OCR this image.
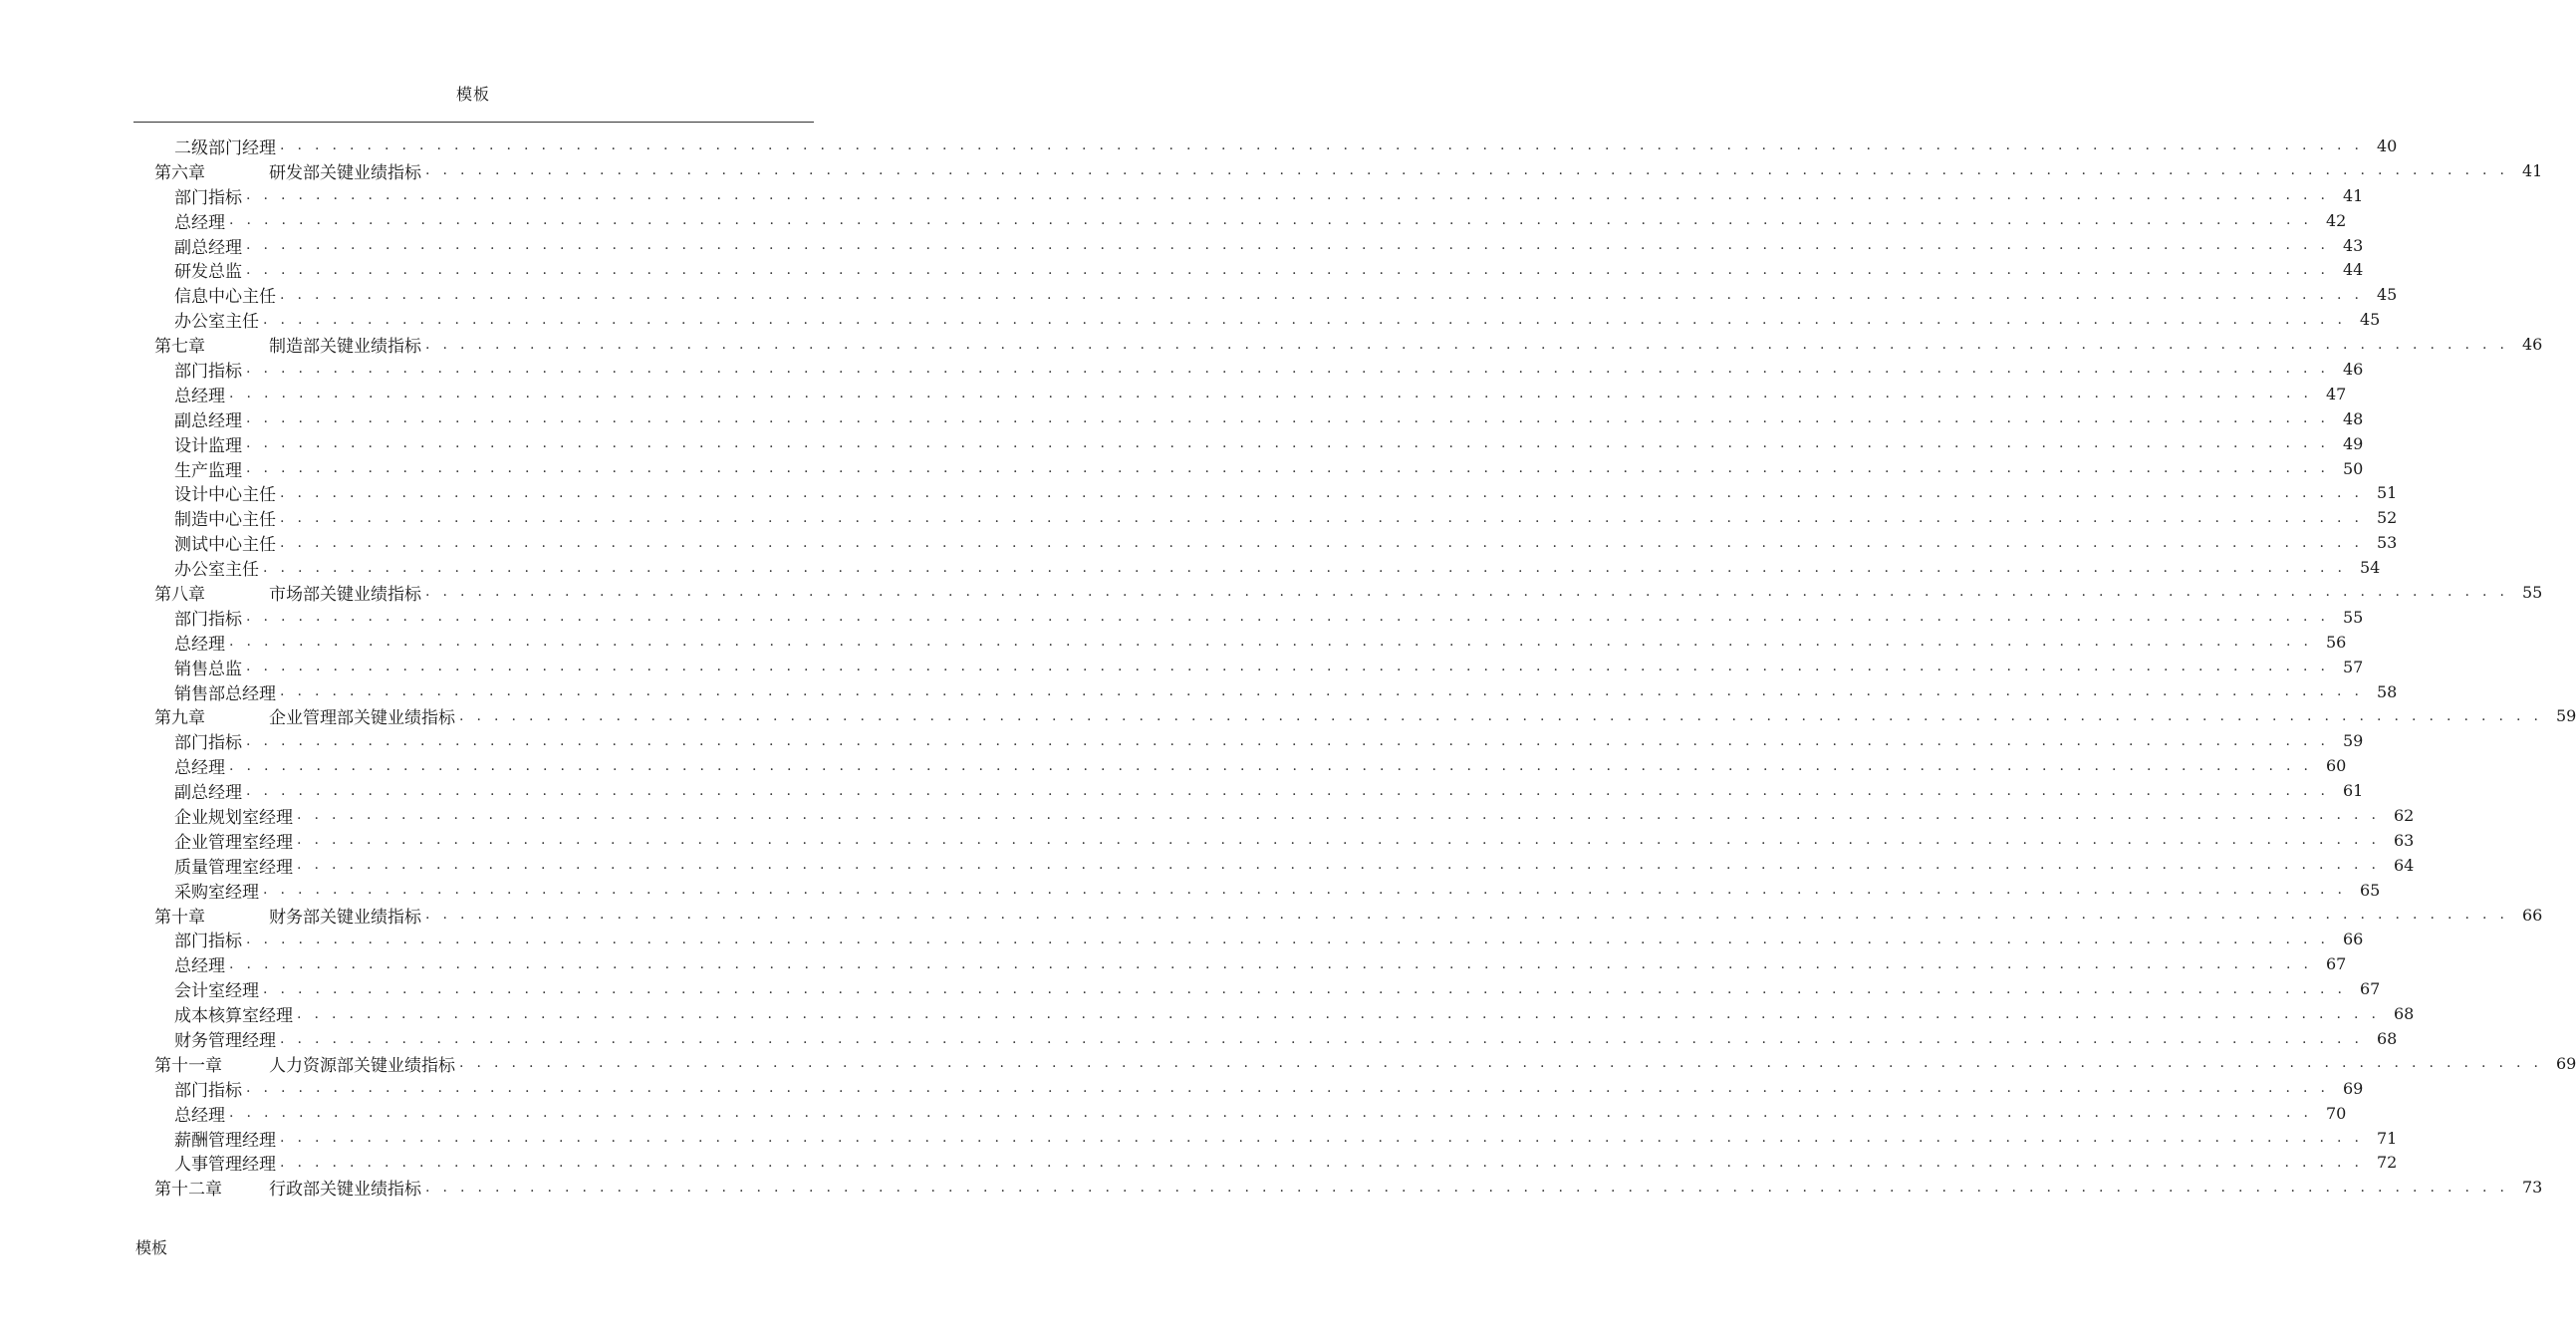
模板
二级部门经理 . . . . . . . . . . . . . . . . . . . . . . . . . . . . . . . . . . . . . . . . . . . . . . . . . . . . . . . . . . . . . . . . . . . . . . . . . . . . . . . . . . . . . . . . . . . . . . . . . . . . . . . . . . . . . . . . . . . . . . . . 40
第六章	研发部关键业绩指标 . . . . . . . . . . . . . . . . . . . . . . . . . . . . . . . . . . . . . . . . . . . . . . . . . . . . . . . . . . . . . . . . . . . . . . . . . . . . . . . . . . . . . . . . . . . . . . . . . . . . . . . . . . . . . . . . . . . . . . . . 41
部门指标 . . . . . . . . . . . . . . . . . . . . . . . . . . . . . . . . . . . . . . . . . . . . . . . . . . . . . . . . . . . . . . . . . . . . . . . . . . . . . . . . . . . . . . . . . . . . . . . . . . . . . . . . . . . . . . . . . . . . . . . . 41
总经理 . . . . . . . . . . . . . . . . . . . . . . . . . . . . . . . . . . . . . . . . . . . . . . . . . . . . . . . . . . . . . . . . . . . . . . . . . . . . . . . . . . . . . . . . . . . . . . . . . . . . . . . . . . . . . . . . . . . . . . . . 42
副总经理 . . . . . . . . . . . . . . . . . . . . . . . . . . . . . . . . . . . . . . . . . . . . . . . . . . . . . . . . . . . . . . . . . . . . . . . . . . . . . . . . . . . . . . . . . . . . . . . . . . . . . . . . . . . . . . . . . . . . . . . . 43
研发总监 . . . . . . . . . . . . . . . . . . . . . . . . . . . . . . . . . . . . . . . . . . . . . . . . . . . . . . . . . . . . . . . . . . . . . . . . . . . . . . . . . . . . . . . . . . . . . . . . . . . . . . . . . . . . . . . . . . . . . . . . 44
信息中心主任 . . . . . . . . . . . . . . . . . . . . . . . . . . . . . . . . . . . . . . . . . . . . . . . . . . . . . . . . . . . . . . . . . . . . . . . . . . . . . . . . . . . . . . . . . . . . . . . . . . . . . . . . . . . . . . . . . . . . . . . . 45
办公室主任 . . . . . . . . . . . . . . . . . . . . . . . . . . . . . . . . . . . . . . . . . . . . . . . . . . . . . . . . . . . . . . . . . . . . . . . . . . . . . . . . . . . . . . . . . . . . . . . . . . . . . . . . . . . . . . . . . . . . . . . . 45
第七章	制造部关键业绩指标 . . . . . . . . . . . . . . . . . . . . . . . . . . . . . . . . . . . . . . . . . . . . . . . . . . . . . . . . . . . . . . . . . . . . . . . . . . . . . . . . . . . . . . . . . . . . . . . . . . . . . . . . . . . . . . . . . . . . . . . . 46
部门指标 . . . . . . . . . . . . . . . . . . . . . . . . . . . . . . . . . . . . . . . . . . . . . . . . . . . . . . . . . . . . . . . . . . . . . . . . . . . . . . . . . . . . . . . . . . . . . . . . . . . . . . . . . . . . . . . . . . . . . . . . 46
总经理 . . . . . . . . . . . . . . . . . . . . . . . . . . . . . . . . . . . . . . . . . . . . . . . . . . . . . . . . . . . . . . . . . . . . . . . . . . . . . . . . . . . . . . . . . . . . . . . . . . . . . . . . . . . . . . . . . . . . . . . . 47
副总经理 . . . . . . . . . . . . . . . . . . . . . . . . . . . . . . . . . . . . . . . . . . . . . . . . . . . . . . . . . . . . . . . . . . . . . . . . . . . . . . . . . . . . . . . . . . . . . . . . . . . . . . . . . . . . . . . . . . . . . . . . 48
设计监理 . . . . . . . . . . . . . . . . . . . . . . . . . . . . . . . . . . . . . . . . . . . . . . . . . . . . . . . . . . . . . . . . . . . . . . . . . . . . . . . . . . . . . . . . . . . . . . . . . . . . . . . . . . . . . . . . . . . . . . . . 49
生产监理 . . . . . . . . . . . . . . . . . . . . . . . . . . . . . . . . . . . . . . . . . . . . . . . . . . . . . . . . . . . . . . . . . . . . . . . . . . . . . . . . . . . . . . . . . . . . . . . . . . . . . . . . . . . . . . . . . . . . . . . . 50
设计中心主任 . . . . . . . . . . . . . . . . . . . . . . . . . . . . . . . . . . . . . . . . . . . . . . . . . . . . . . . . . . . . . . . . . . . . . . . . . . . . . . . . . . . . . . . . . . . . . . . . . . . . . . . . . . . . . . . . . . . . . . . . 51
制造中心主任 . . . . . . . . . . . . . . . . . . . . . . . . . . . . . . . . . . . . . . . . . . . . . . . . . . . . . . . . . . . . . . . . . . . . . . . . . . . . . . . . . . . . . . . . . . . . . . . . . . . . . . . . . . . . . . . . . . . . . . . . 52
测试中心主任 . . . . . . . . . . . . . . . . . . . . . . . . . . . . . . . . . . . . . . . . . . . . . . . . . . . . . . . . . . . . . . . . . . . . . . . . . . . . . . . . . . . . . . . . . . . . . . . . . . . . . . . . . . . . . . . . . . . . . . . . 53
办公室主任 . . . . . . . . . . . . . . . . . . . . . . . . . . . . . . . . . . . . . . . . . . . . . . . . . . . . . . . . . . . . . . . . . . . . . . . . . . . . . . . . . . . . . . . . . . . . . . . . . . . . . . . . . . . . . . . . . . . . . . . . 54
第八章	市场部关键业绩指标 . . . . . . . . . . . . . . . . . . . . . . . . . . . . . . . . . . . . . . . . . . . . . . . . . . . . . . . . . . . . . . . . . . . . . . . . . . . . . . . . . . . . . . . . . . . . . . . . . . . . . . . . . . . . . . . . . . . . . . . . 55
部门指标 . . . . . . . . . . . . . . . . . . . . . . . . . . . . . . . . . . . . . . . . . . . . . . . . . . . . . . . . . . . . . . . . . . . . . . . . . . . . . . . . . . . . . . . . . . . . . . . . . . . . . . . . . . . . . . . . . . . . . . . . 55
总经理 . . . . . . . . . . . . . . . . . . . . . . . . . . . . . . . . . . . . . . . . . . . . . . . . . . . . . . . . . . . . . . . . . . . . . . . . . . . . . . . . . . . . . . . . . . . . . . . . . . . . . . . . . . . . . . . . . . . . . . . . 56
销售总监 . . . . . . . . . . . . . . . . . . . . . . . . . . . . . . . . . . . . . . . . . . . . . . . . . . . . . . . . . . . . . . . . . . . . . . . . . . . . . . . . . . . . . . . . . . . . . . . . . . . . . . . . . . . . . . . . . . . . . . . . 57
销售部总经理 . . . . . . . . . . . . . . . . . . . . . . . . . . . . . . . . . . . . . . . . . . . . . . . . . . . . . . . . . . . . . . . . . . . . . . . . . . . . . . . . . . . . . . . . . . . . . . . . . . . . . . . . . . . . . . . . . . . . . . . . 58
第九章	企业管理部关键业绩指标 . . . . . . . . . . . . . . . . . . . . . . . . . . . . . . . . . . . . . . . . . . . . . . . . . . . . . . . . . . . . . . . . . . . . . . . . . . . . . . . . . . . . . . . . . . . . . . . . . . . . . . . . . . . . . . . . . . . . . . . . 59
部门指标 . . . . . . . . . . . . . . . . . . . . . . . . . . . . . . . . . . . . . . . . . . . . . . . . . . . . . . . . . . . . . . . . . . . . . . . . . . . . . . . . . . . . . . . . . . . . . . . . . . . . . . . . . . . . . . . . . . . . . . . . 59
总经理 . . . . . . . . . . . . . . . . . . . . . . . . . . . . . . . . . . . . . . . . . . . . . . . . . . . . . . . . . . . . . . . . . . . . . . . . . . . . . . . . . . . . . . . . . . . . . . . . . . . . . . . . . . . . . . . . . . . . . . . . 60
副总经理 . . . . . . . . . . . . . . . . . . . . . . . . . . . . . . . . . . . . . . . . . . . . . . . . . . . . . . . . . . . . . . . . . . . . . . . . . . . . . . . . . . . . . . . . . . . . . . . . . . . . . . . . . . . . . . . . . . . . . . . . 61
企业规划室经理 . . . . . . . . . . . . . . . . . . . . . . . . . . . . . . . . . . . . . . . . . . . . . . . . . . . . . . . . . . . . . . . . . . . . . . . . . . . . . . . . . . . . . . . . . . . . . . . . . . . . . . . . . . . . . . . . . . . . . . . . 62
企业管理室经理 . . . . . . . . . . . . . . . . . . . . . . . . . . . . . . . . . . . . . . . . . . . . . . . . . . . . . . . . . . . . . . . . . . . . . . . . . . . . . . . . . . . . . . . . . . . . . . . . . . . . . . . . . . . . . . . . . . . . . . . . 63
质量管理室经理 . . . . . . . . . . . . . . . . . . . . . . . . . . . . . . . . . . . . . . . . . . . . . . . . . . . . . . . . . . . . . . . . . . . . . . . . . . . . . . . . . . . . . . . . . . . . . . . . . . . . . . . . . . . . . . . . . . . . . . . . 64
采购室经理 . . . . . . . . . . . . . . . . . . . . . . . . . . . . . . . . . . . . . . . . . . . . . . . . . . . . . . . . . . . . . . . . . . . . . . . . . . . . . . . . . . . . . . . . . . . . . . . . . . . . . . . . . . . . . . . . . . . . . . . . 65
第十章	财务部关键业绩指标 . . . . . . . . . . . . . . . . . . . . . . . . . . . . . . . . . . . . . . . . . . . . . . . . . . . . . . . . . . . . . . . . . . . . . . . . . . . . . . . . . . . . . . . . . . . . . . . . . . . . . . . . . . . . . . . . . . . . . . . . 66
部门指标 . . . . . . . . . . . . . . . . . . . . . . . . . . . . . . . . . . . . . . . . . . . . . . . . . . . . . . . . . . . . . . . . . . . . . . . . . . . . . . . . . . . . . . . . . . . . . . . . . . . . . . . . . . . . . . . . . . . . . . . . 66
总经理 . . . . . . . . . . . . . . . . . . . . . . . . . . . . . . . . . . . . . . . . . . . . . . . . . . . . . . . . . . . . . . . . . . . . . . . . . . . . . . . . . . . . . . . . . . . . . . . . . . . . . . . . . . . . . . . . . . . . . . . . 67
会计室经理 . . . . . . . . . . . . . . . . . . . . . . . . . . . . . . . . . . . . . . . . . . . . . . . . . . . . . . . . . . . . . . . . . . . . . . . . . . . . . . . . . . . . . . . . . . . . . . . . . . . . . . . . . . . . . . . . . . . . . . . . 67
成本核算室经理 . . . . . . . . . . . . . . . . . . . . . . . . . . . . . . . . . . . . . . . . . . . . . . . . . . . . . . . . . . . . . . . . . . . . . . . . . . . . . . . . . . . . . . . . . . . . . . . . . . . . . . . . . . . . . . . . . . . . . . . . 68
财务管理经理 . . . . . . . . . . . . . . . . . . . . . . . . . . . . . . . . . . . . . . . . . . . . . . . . . . . . . . . . . . . . . . . . . . . . . . . . . . . . . . . . . . . . . . . . . . . . . . . . . . . . . . . . . . . . . . . . . . . . . . . . 68
第十一章	人力资源部关键业绩指标 . . . . . . . . . . . . . . . . . . . . . . . . . . . . . . . . . . . . . . . . . . . . . . . . . . . . . . . . . . . . . . . . . . . . . . . . . . . . . . . . . . . . . . . . . . . . . . . . . . . . . . . . . . . . . . . . . . . . . . . . 69
部门指标 . . . . . . . . . . . . . . . . . . . . . . . . . . . . . . . . . . . . . . . . . . . . . . . . . . . . . . . . . . . . . . . . . . . . . . . . . . . . . . . . . . . . . . . . . . . . . . . . . . . . . . . . . . . . . . . . . . . . . . . . 69
总经理 . . . . . . . . . . . . . . . . . . . . . . . . . . . . . . . . . . . . . . . . . . . . . . . . . . . . . . . . . . . . . . . . . . . . . . . . . . . . . . . . . . . . . . . . . . . . . . . . . . . . . . . . . . . . . . . . . . . . . . . . 70
薪酬管理经理 . . . . . . . . . . . . . . . . . . . . . . . . . . . . . . . . . . . . . . . . . . . . . . . . . . . . . . . . . . . . . . . . . . . . . . . . . . . . . . . . . . . . . . . . . . . . . . . . . . . . . . . . . . . . . . . . . . . . . . . . 71
人事管理经理 . . . . . . . . . . . . . . . . . . . . . . . . . . . . . . . . . . . . . . . . . . . . . . . . . . . . . . . . . . . . . . . . . . . . . . . . . . . . . . . . . . . . . . . . . . . . . . . . . . . . . . . . . . . . . . . . . . . . . . . . 72
第十二章	行政部关键业绩指标 . . . . . . . . . . . . . . . . . . . . . . . . . . . . . . . . . . . . . . . . . . . . . . . . . . . . . . . . . . . . . . . . . . . . . . . . . . . . . . . . . . . . . . . . . . . . . . . . . . . . . . . . . . . . . . . . . . . . . . . . 73
模板
